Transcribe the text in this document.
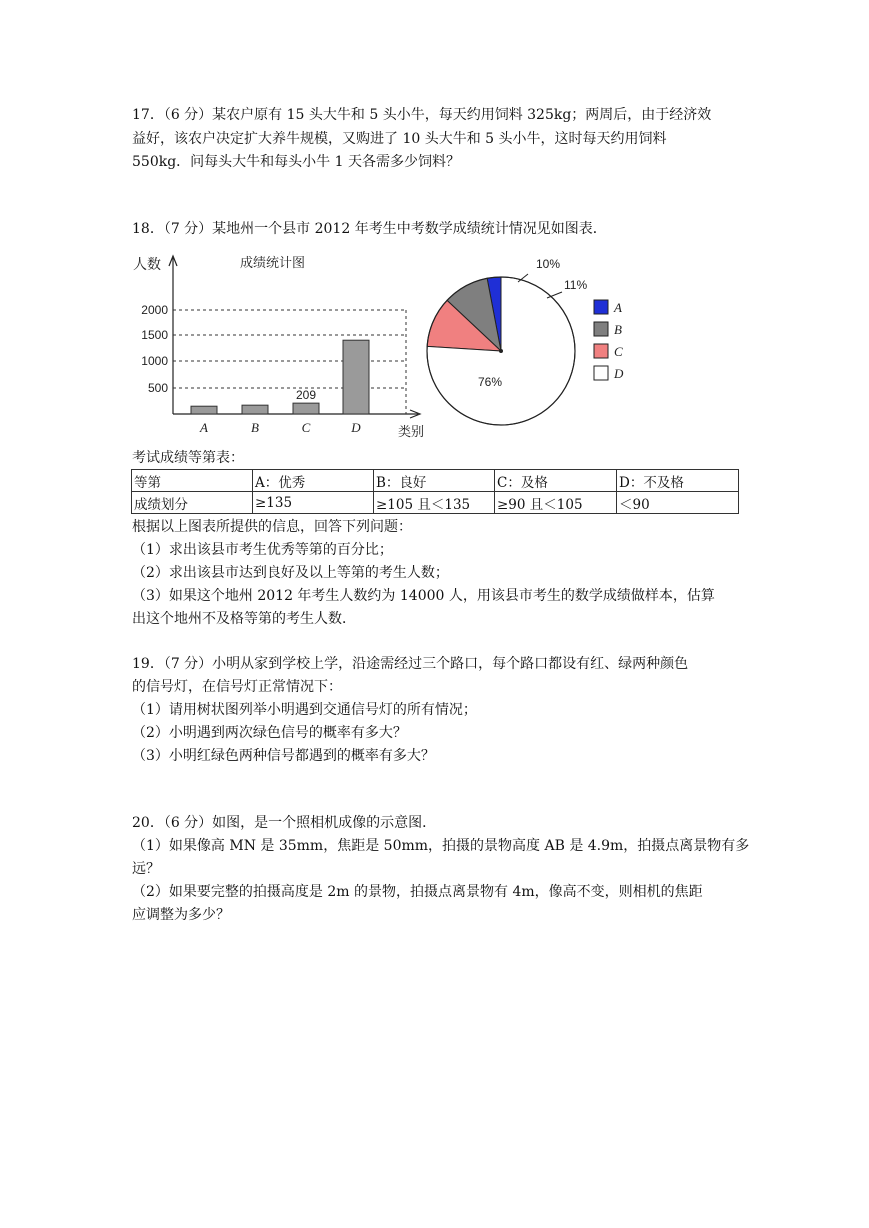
17．（6 分）某农户原有 15 头大牛和 5 头小牛，每天约用饲料 325kg；两周后，由于经济效
益好，该农户决定扩大养牛规模，又购进了 10 头大牛和 5 头小牛，这时每天约用饲料
550kg．问每头大牛和每头小牛 1 天各需多少饲料？
18．（7 分）某地州一个县市 2012 年考生中考数学成绩统计情况见如图表．
成绩统计图
人数
类别
500
1000
1500
2000
A	B	C	D
209
10%
11%
76%
A
B
C
D
考试成绩等第表：
等第	A：优秀	B：良好	C：及格	D：不及格
成绩划分	≥135	≥105 且＜135	≥90 且＜105	＜90
根据以上图表所提供的信息，回答下列问题：
（1）求出该县市考生优秀等第的百分比；
（2）求出该县市达到良好及以上等第的考生人数；
（3）如果这个地州 2012 年考生人数约为 14000 人，用该县市考生的数学成绩做样本，估算
出这个地州不及格等第的考生人数．
19．（7 分）小明从家到学校上学，沿途需经过三个路口，每个路口都设有红、绿两种颜色
的信号灯，在信号灯正常情况下：
（1）请用树状图列举小明遇到交通信号灯的所有情况；
（2）小明遇到两次绿色信号的概率有多大？
（3）小明红绿色两种信号都遇到的概率有多大？
20．（6 分）如图，是一个照相机成像的示意图．
（1）如果像高 MN 是 35mm，焦距是 50mm，拍摄的景物高度 AB 是 4.9m，拍摄点离景物有多
远？
（2）如果要完整的拍摄高度是 2m 的景物，拍摄点离景物有 4m，像高不变，则相机的焦距
应调整为多少？
